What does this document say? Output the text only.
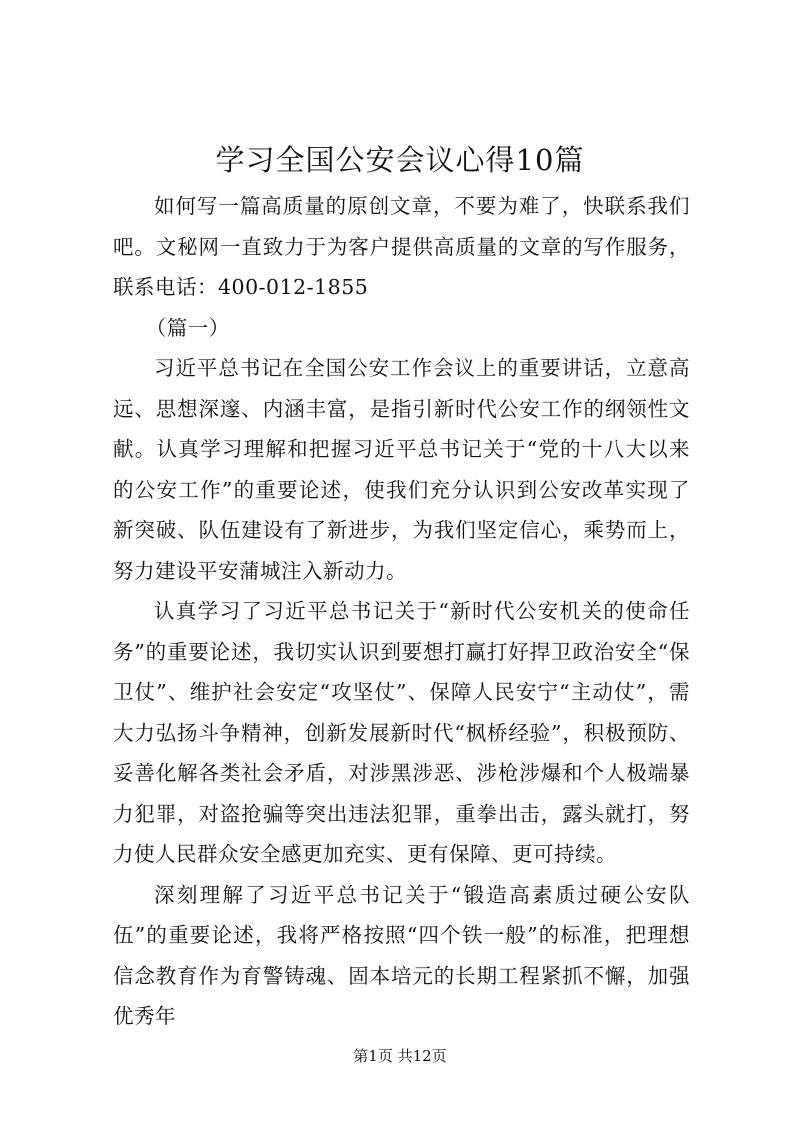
学习全国公安会议心得10篇

如何写一篇高质量的原创文章，不要为难了，快联系我们吧。文秘网一直致力于为客户提供高质量的文章的写作服务，联系电话：400-012-1855

（篇一）

习近平总书记在全国公安工作会议上的重要讲话，立意高远、思想深邃、内涵丰富，是指引新时代公安工作的纲领性文献。认真学习理解和把握习近平总书记关于“党的十八大以来的公安工作”的重要论述，使我们充分认识到公安改革实现了新突破、队伍建设有了新进步，为我们坚定信心，乘势而上，努力建设平安蒲城注入新动力。

认真学习了习近平总书记关于“新时代公安机关的使命任务”的重要论述，我切实认识到要想打赢打好捍卫政治安全“保卫仗”、维护社会安定“攻坚仗”、保障人民安宁“主动仗”，需大力弘扬斗争精神，创新发展新时代“枫桥经验”，积极预防、妥善化解各类社会矛盾，对涉黑涉恶、涉枪涉爆和个人极端暴力犯罪，对盗抢骗等突出违法犯罪，重拳出击，露头就打，努力使人民群众安全感更加充实、更有保障、更可持续。

深刻理解了习近平总书记关于“锻造高素质过硬公安队伍”的重要论述，我将严格按照“四个铁一般”的标准，把理想信念教育作为育警铸魂、固本培元的长期工程紧抓不懈，加强优秀年

第1页 共12页
